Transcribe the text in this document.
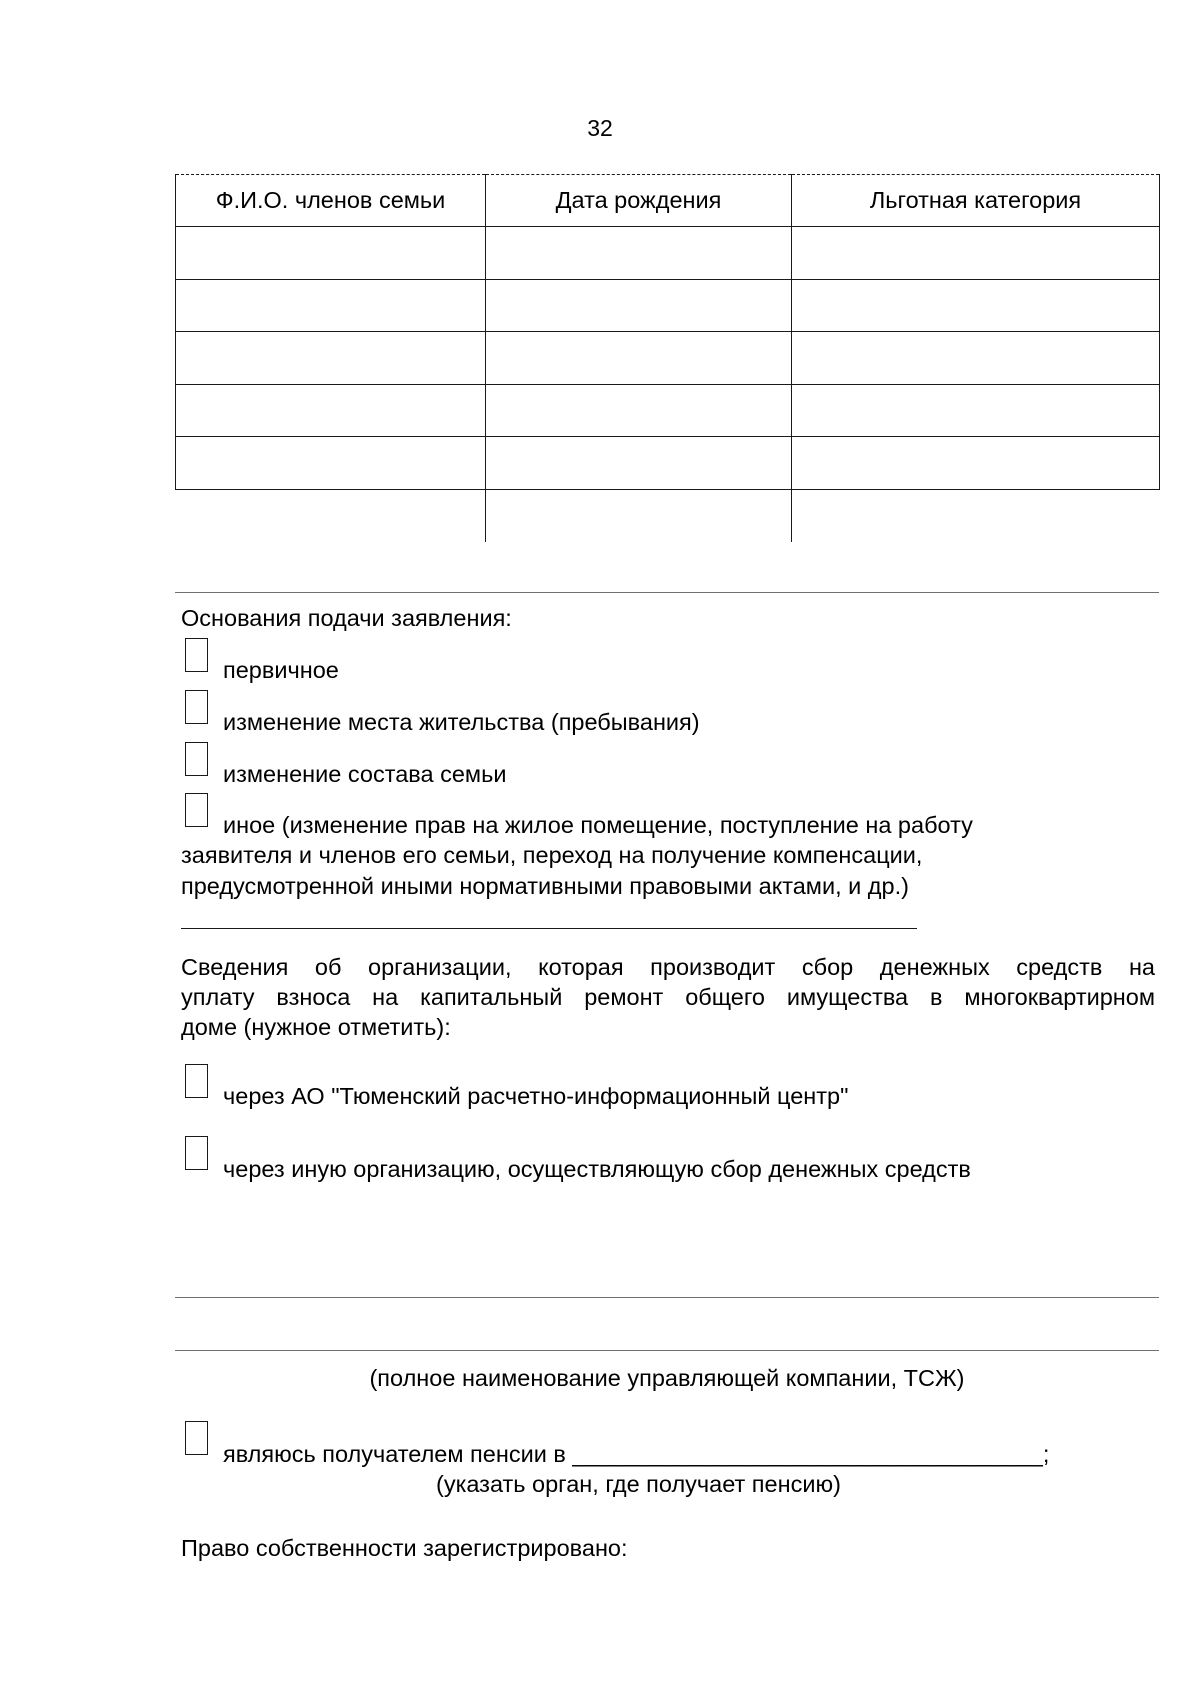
32
Ф.И.О. членов семьи	Дата рождения	Льготная категория

Основания подачи заявления:
первичное
изменение места жительства (пребывания)
изменение состава семьи
иное (изменение прав на жилое помещение, поступление на работу
заявителя и членов его семьи, переход на получение компенсации,
предусмотренной иными нормативными правовыми актами, и др.)
Сведения об организации, которая производит сбор денежных средств на
уплату взноса на капитальный ремонт общего имущества в многоквартирном
доме (нужное отметить):
через АО "Тюменский расчетно-информационный центр"
через иную организацию, осуществляющую сбор денежных средств
(полное наименование управляющей компании, ТСЖ)
являюсь получателем пенсии в ____________________________________;
(указать орган, где получает пенсию)
Право собственности зарегистрировано:
